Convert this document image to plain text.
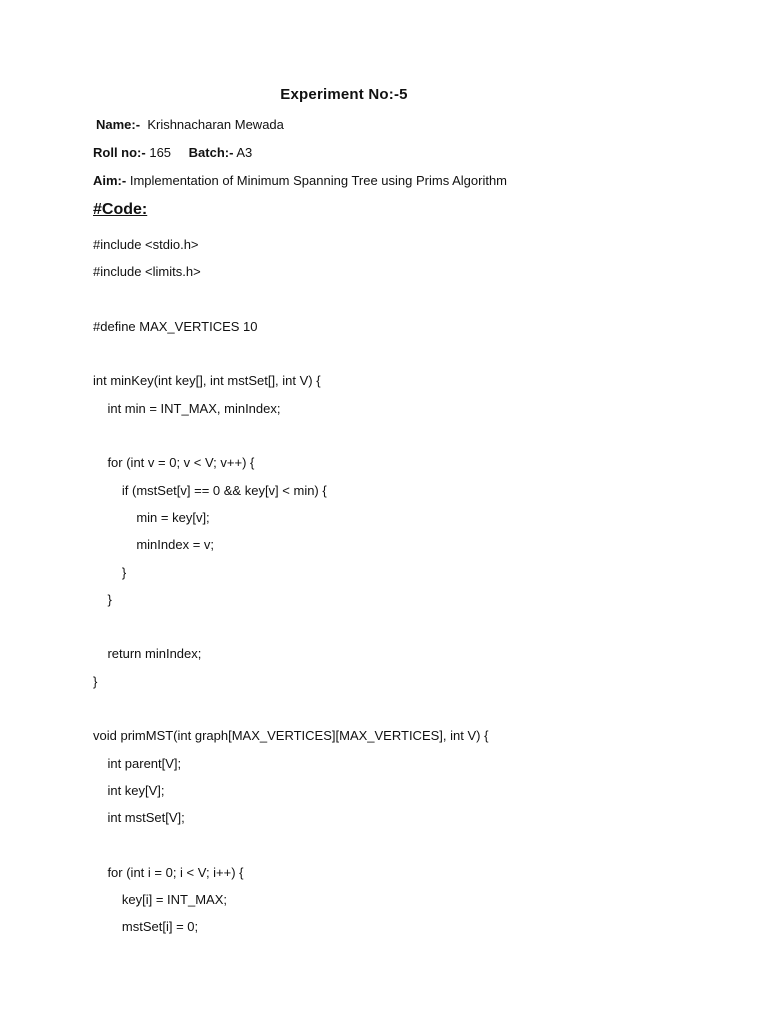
Experiment No:-5
Name:- Krishnacharan Mewada
Roll no:- 165 Batch:- A3
Aim:- Implementation of Minimum Spanning Tree using Prims Algorithm
#Code:
#include <stdio.h>
#include <limits.h>

#define MAX_VERTICES 10

int minKey(int key[], int mstSet[], int V) {
int min = INT_MAX, minIndex;

for (int v = 0; v < V; v++) {
if (mstSet[v] == 0 && key[v] < min) {
min = key[v];
minIndex = v;
}
}

return minIndex;
}

void primMST(int graph[MAX_VERTICES][MAX_VERTICES], int V) {
int parent[V];
int key[V];
int mstSet[V];

for (int i = 0; i < V; i++) {
key[i] = INT_MAX;
mstSet[i] = 0;
